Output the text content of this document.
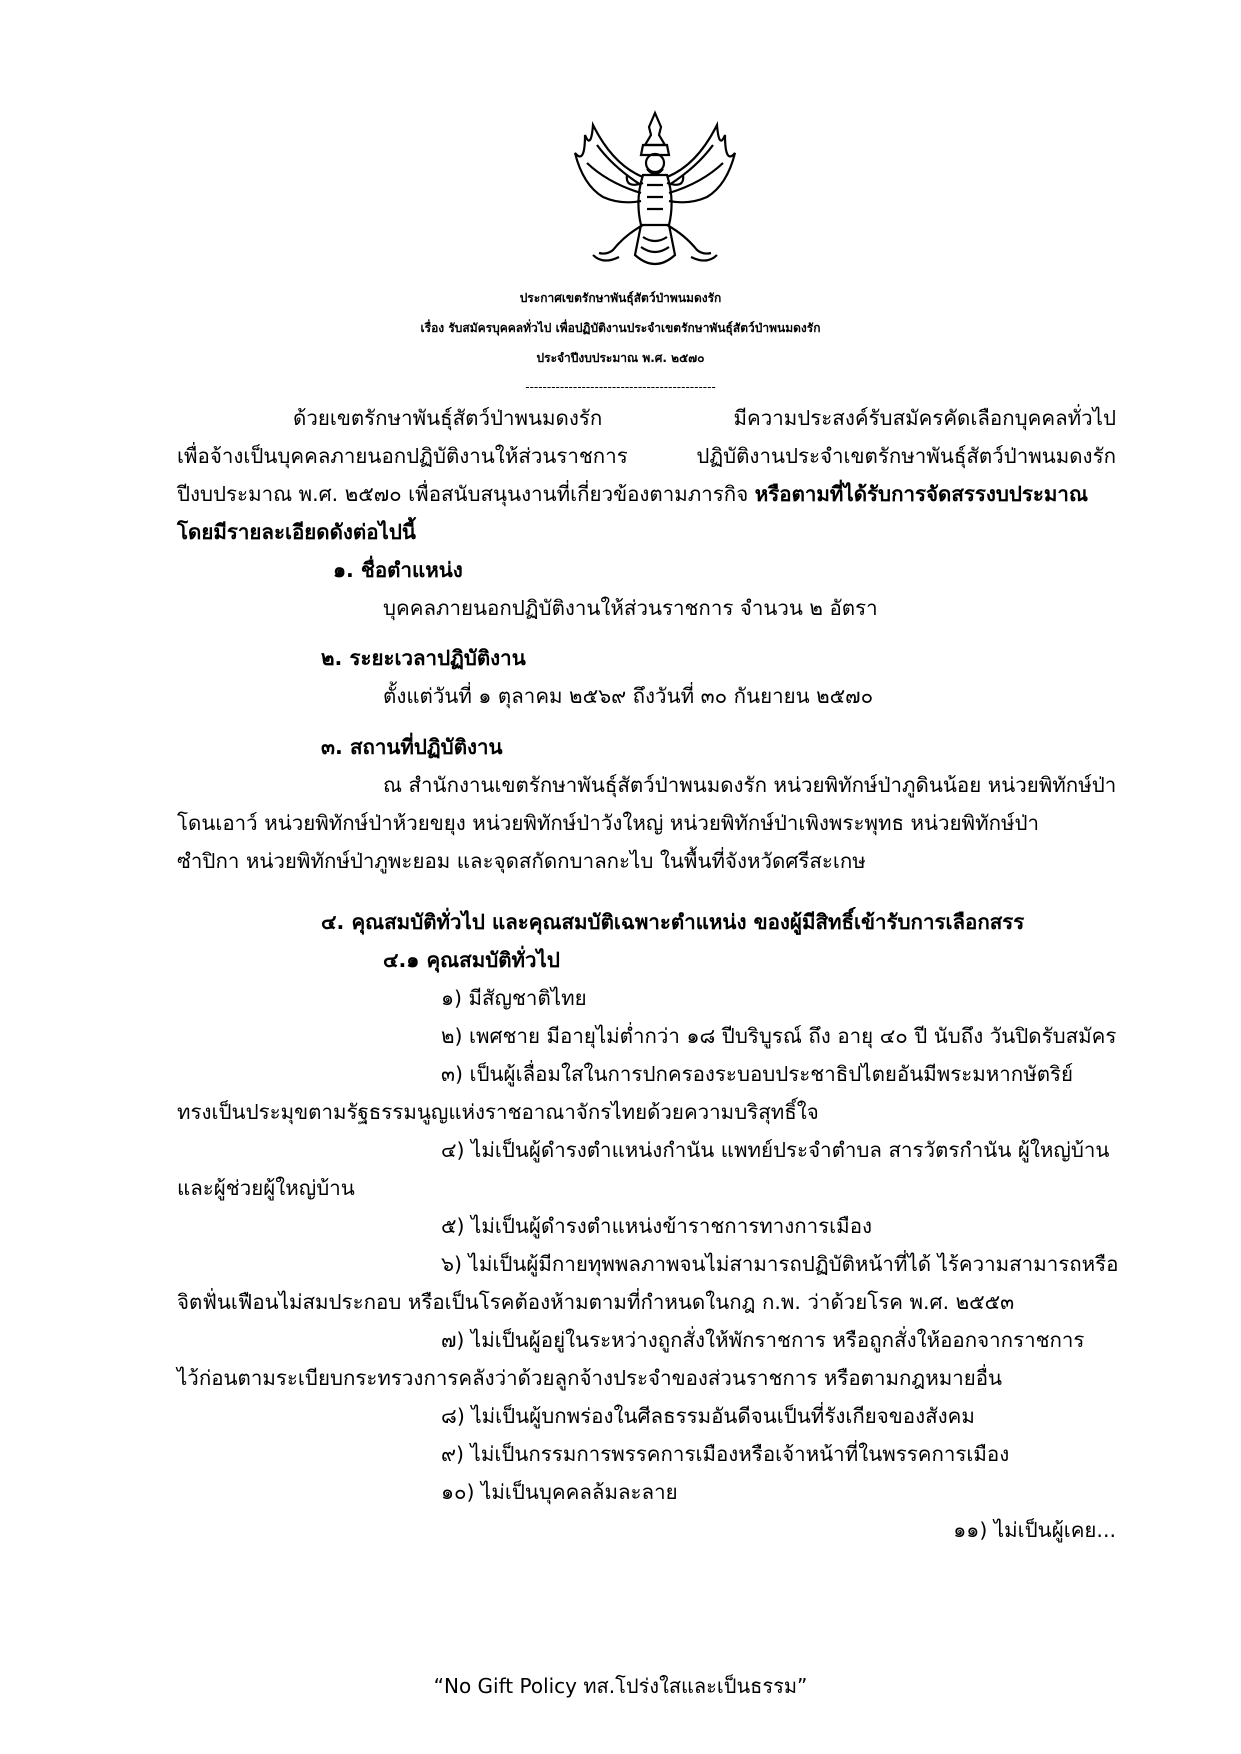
ประกาศเขตรักษาพันธุ์สัตว์ป่าพนมดงรัก
เรื่อง รับสมัครบุคคลทั่วไป เพื่อปฏิบัติงานประจำเขตรักษาพันธุ์สัตว์ป่าพนมดงรัก
ประจำปีงบประมาณ พ.ศ. ๒๕๗๐
--------------------------------------------
ด้วยเขตรักษาพันธุ์สัตว์ป่าพนมดงรัก	มีความประสงค์รับสมัครคัดเลือกบุคคลทั่วไป
เพื่อจ้างเป็นบุคคลภายนอกปฏิบัติงานให้ส่วนราชการ	ปฏิบัติงานประจำเขตรักษาพันธุ์สัตว์ป่าพนมดงรัก
ปีงบประมาณ พ.ศ. ๒๕๗๐ เพื่อสนับสนุนงานที่เกี่ยวข้องตามภารกิจ หรือตามที่ได้รับการจัดสรรงบประมาณ
โดยมีรายละเอียดดังต่อไปนี้
๑. ชื่อตำแหน่ง
บุคคลภายนอกปฏิบัติงานให้ส่วนราชการ จำนวน ๒ อัตรา
๒. ระยะเวลาปฏิบัติงาน
ตั้งแต่วันที่ ๑ ตุลาคม ๒๕๖๙ ถึงวันที่ ๓๐ กันยายน ๒๕๗๐
๓. สถานที่ปฏิบัติงาน
ณ สำนักงานเขตรักษาพันธุ์สัตว์ป่าพนมดงรัก หน่วยพิทักษ์ป่าภูดินน้อย หน่วยพิทักษ์ป่า
โดนเอาว์ หน่วยพิทักษ์ป่าห้วยขยุง หน่วยพิทักษ์ป่าวังใหญ่ หน่วยพิทักษ์ป่าเพิงพระพุทธ หน่วยพิทักษ์ป่า
ซำปิกา หน่วยพิทักษ์ป่าภูพะยอม และจุดสกัดกบาลกะไบ ในพื้นที่จังหวัดศรีสะเกษ
๔. คุณสมบัติทั่วไป และคุณสมบัติเฉพาะตำแหน่ง ของผู้มีสิทธิ์เข้ารับการเลือกสรร
๔.๑ คุณสมบัติทั่วไป
๑) มีสัญชาติไทย
๒) เพศชาย มีอายุไม่ต่ำกว่า ๑๘ ปีบริบูรณ์ ถึง อายุ ๔๐ ปี นับถึง วันปิดรับสมัคร
๓) เป็นผู้เลื่อมใสในการปกครองระบอบประชาธิปไตยอันมีพระมหากษัตริย์
ทรงเป็นประมุขตามรัฐธรรมนูญแห่งราชอาณาจักรไทยด้วยความบริสุทธิ์ใจ
๔) ไม่เป็นผู้ดำรงตำแหน่งกำนัน แพทย์ประจำตำบล สารวัตรกำนัน ผู้ใหญ่บ้าน
และผู้ช่วยผู้ใหญ่บ้าน
๕) ไม่เป็นผู้ดำรงตำแหน่งข้าราชการทางการเมือง
๖) ไม่เป็นผู้มีกายทุพพลภาพจนไม่สามารถปฏิบัติหน้าที่ได้ ไร้ความสามารถหรือ
จิตฟั่นเฟือนไม่สมประกอบ หรือเป็นโรคต้องห้ามตามที่กำหนดในกฎ ก.พ. ว่าด้วยโรค พ.ศ. ๒๕๕๓
๗) ไม่เป็นผู้อยู่ในระหว่างถูกสั่งให้พักราชการ หรือถูกสั่งให้ออกจากราชการ
ไว้ก่อนตามระเบียบกระทรวงการคลังว่าด้วยลูกจ้างประจำของส่วนราชการ หรือตามกฎหมายอื่น
๘) ไม่เป็นผู้บกพร่องในศีลธรรมอันดีจนเป็นที่รังเกียจของสังคม
๙) ไม่เป็นกรรมการพรรคการเมืองหรือเจ้าหน้าที่ในพรรคการเมือง
๑๐) ไม่เป็นบุคคลล้มละลาย
๑๑) ไม่เป็นผู้เคย...
“No Gift Policy ทส.โปร่งใสและเป็นธรรม”
